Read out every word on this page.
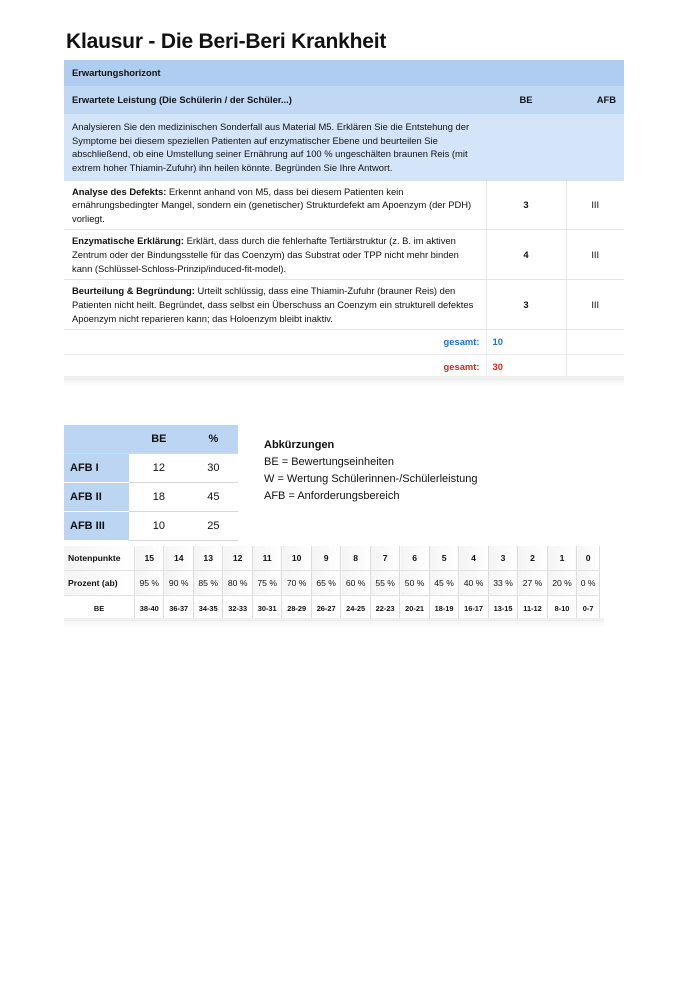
Klausur - Die Beri-Beri Krankheit
Erwartungshorizont		
Erwartete Leistung (Die Schülerin / der Schüler...)	BE	AFB
Analysieren Sie den medizinischen Sonderfall aus Material M5. Erklären Sie die Entstehung der Symptome bei diesem speziellen Patienten auf enzymatischer Ebene und beurteilen Sie abschließend, ob eine Umstellung seiner Ernährung auf 100 % ungeschälten braunen Reis (mit extrem hoher Thiamin-Zufuhr) ihn heilen könnte. Begründen Sie Ihre Antwort.		
Analyse des Defekts: Erkennt anhand von M5, dass bei diesem Patienten kein ernährungsbedingter Mangel, sondern ein (genetischer) Strukturdefekt am Apoenzym (der PDH) vorliegt.	3	III
Enzymatische Erklärung: Erklärt, dass durch die fehlerhafte Tertiärstruktur (z. B. im aktiven Zentrum oder der Bindungsstelle für das Coenzym) das Substrat oder TPP nicht mehr binden kann (Schlüssel-Schloss-Prinzip/induced-fit-model).	4	III
Beurteilung & Begründung: Urteilt schlüssig, dass eine Thiamin-Zufuhr (brauner Reis) den Patienten nicht heilt. Begründet, dass selbst ein Überschuss an Coenzym ein strukturell defektes Apoenzym nicht reparieren kann; das Holoenzym bleibt inaktiv.	3	III
gesamt:	10	
gesamt:	30	
	BE	%
AFB I	12	30
AFB II	18	45
AFB III	10	25
Abkürzungen
BE = Bewertungseinheiten
W = Wertung Schülerinnen-/Schülerleistung
AFB = Anforderungsbereich
Notenpunkte	15	14	13	12	11	10	9	8	7	6	5	4	3	2	1	0
Prozent (ab)	95 %	90 %	85 %	80 %	75 %	70 %	65 %	60 %	55 %	50 %	45 %	40 %	33 %	27 %	20 %	0 %
BE	38-40	36-37	34-35	32-33	30-31	28-29	26-27	24-25	22-23	20-21	18-19	16-17	13-15	11-12	8-10	0-7
